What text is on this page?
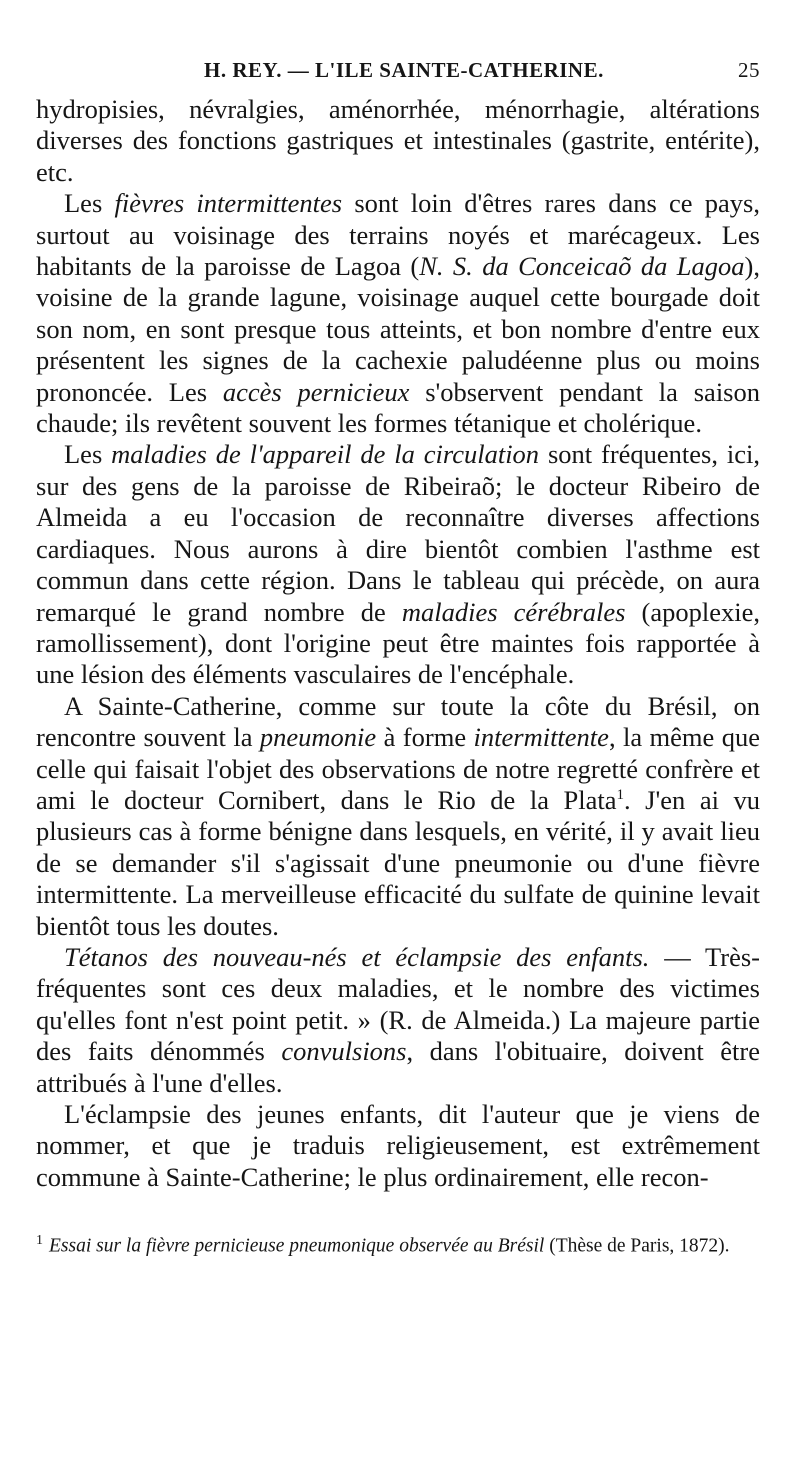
H. REY. — L'ILE SAINTE-CATHERINE.	25

hydropisies, névralgies, aménorrhée, ménorrhagie, altérations diverses des fonctions gastriques et intestinales (gastrite, entérite), etc.

Les fièvres intermittentes sont loin d'êtres rares dans ce pays, surtout au voisinage des terrains noyés et marécageux. Les habitants de la paroisse de Lagoa (N. S. da Conceicaõ da Lagoa), voisine de la grande lagune, voisinage auquel cette bourgade doit son nom, en sont presque tous atteints, et bon nombre d'entre eux présentent les signes de la cachexie paludéenne plus ou moins prononcée. Les accès pernicieux s'observent pendant la saison chaude; ils revêtent souvent les formes tétanique et cholérique.

Les maladies de l'appareil de la circulation sont fréquentes, ici, sur des gens de la paroisse de Ribeiraõ; le docteur Ribeiro de Almeida a eu l'occasion de reconnaître diverses affections cardiaques. Nous aurons à dire bientôt combien l'asthme est commun dans cette région. Dans le tableau qui précède, on aura remarqué le grand nombre de maladies cérébrales (apoplexie, ramollissement), dont l'origine peut être maintes fois rapportée à une lésion des éléments vasculaires de l'encéphale.

A Sainte-Catherine, comme sur toute la côte du Brésil, on rencontre souvent la pneumonie à forme intermittente, la même que celle qui faisait l'objet des observations de notre regretté confrère et ami le docteur Cornibert, dans le Rio de la Plata$^1$. J'en ai vu plusieurs cas à forme bénigne dans lesquels, en vérité, il y avait lieu de se demander s'il s'agissait d'une pneumonie ou d'une fièvre intermittente. La merveilleuse efficacité du sulfate de quinine levait bientôt tous les doutes.

Tétanos des nouveau-nés et éclampsie des enfants. — Très-fréquentes sont ces deux maladies, et le nombre des victimes qu'elles font n'est point petit. » (R. de Almeida.) La majeure partie des faits dénommés convulsions, dans l'obituaire, doivent être attribués à l'une d'elles.

L'éclampsie des jeunes enfants, dit l'auteur que je viens de nommer, et que je traduis religieusement, est extrêmement commune à Sainte-Catherine; le plus ordinairement, elle recon-

$^1$ Essai sur la fièvre pernicieuse pneumonique observée au Brésil (Thèse de Paris, 1872).
